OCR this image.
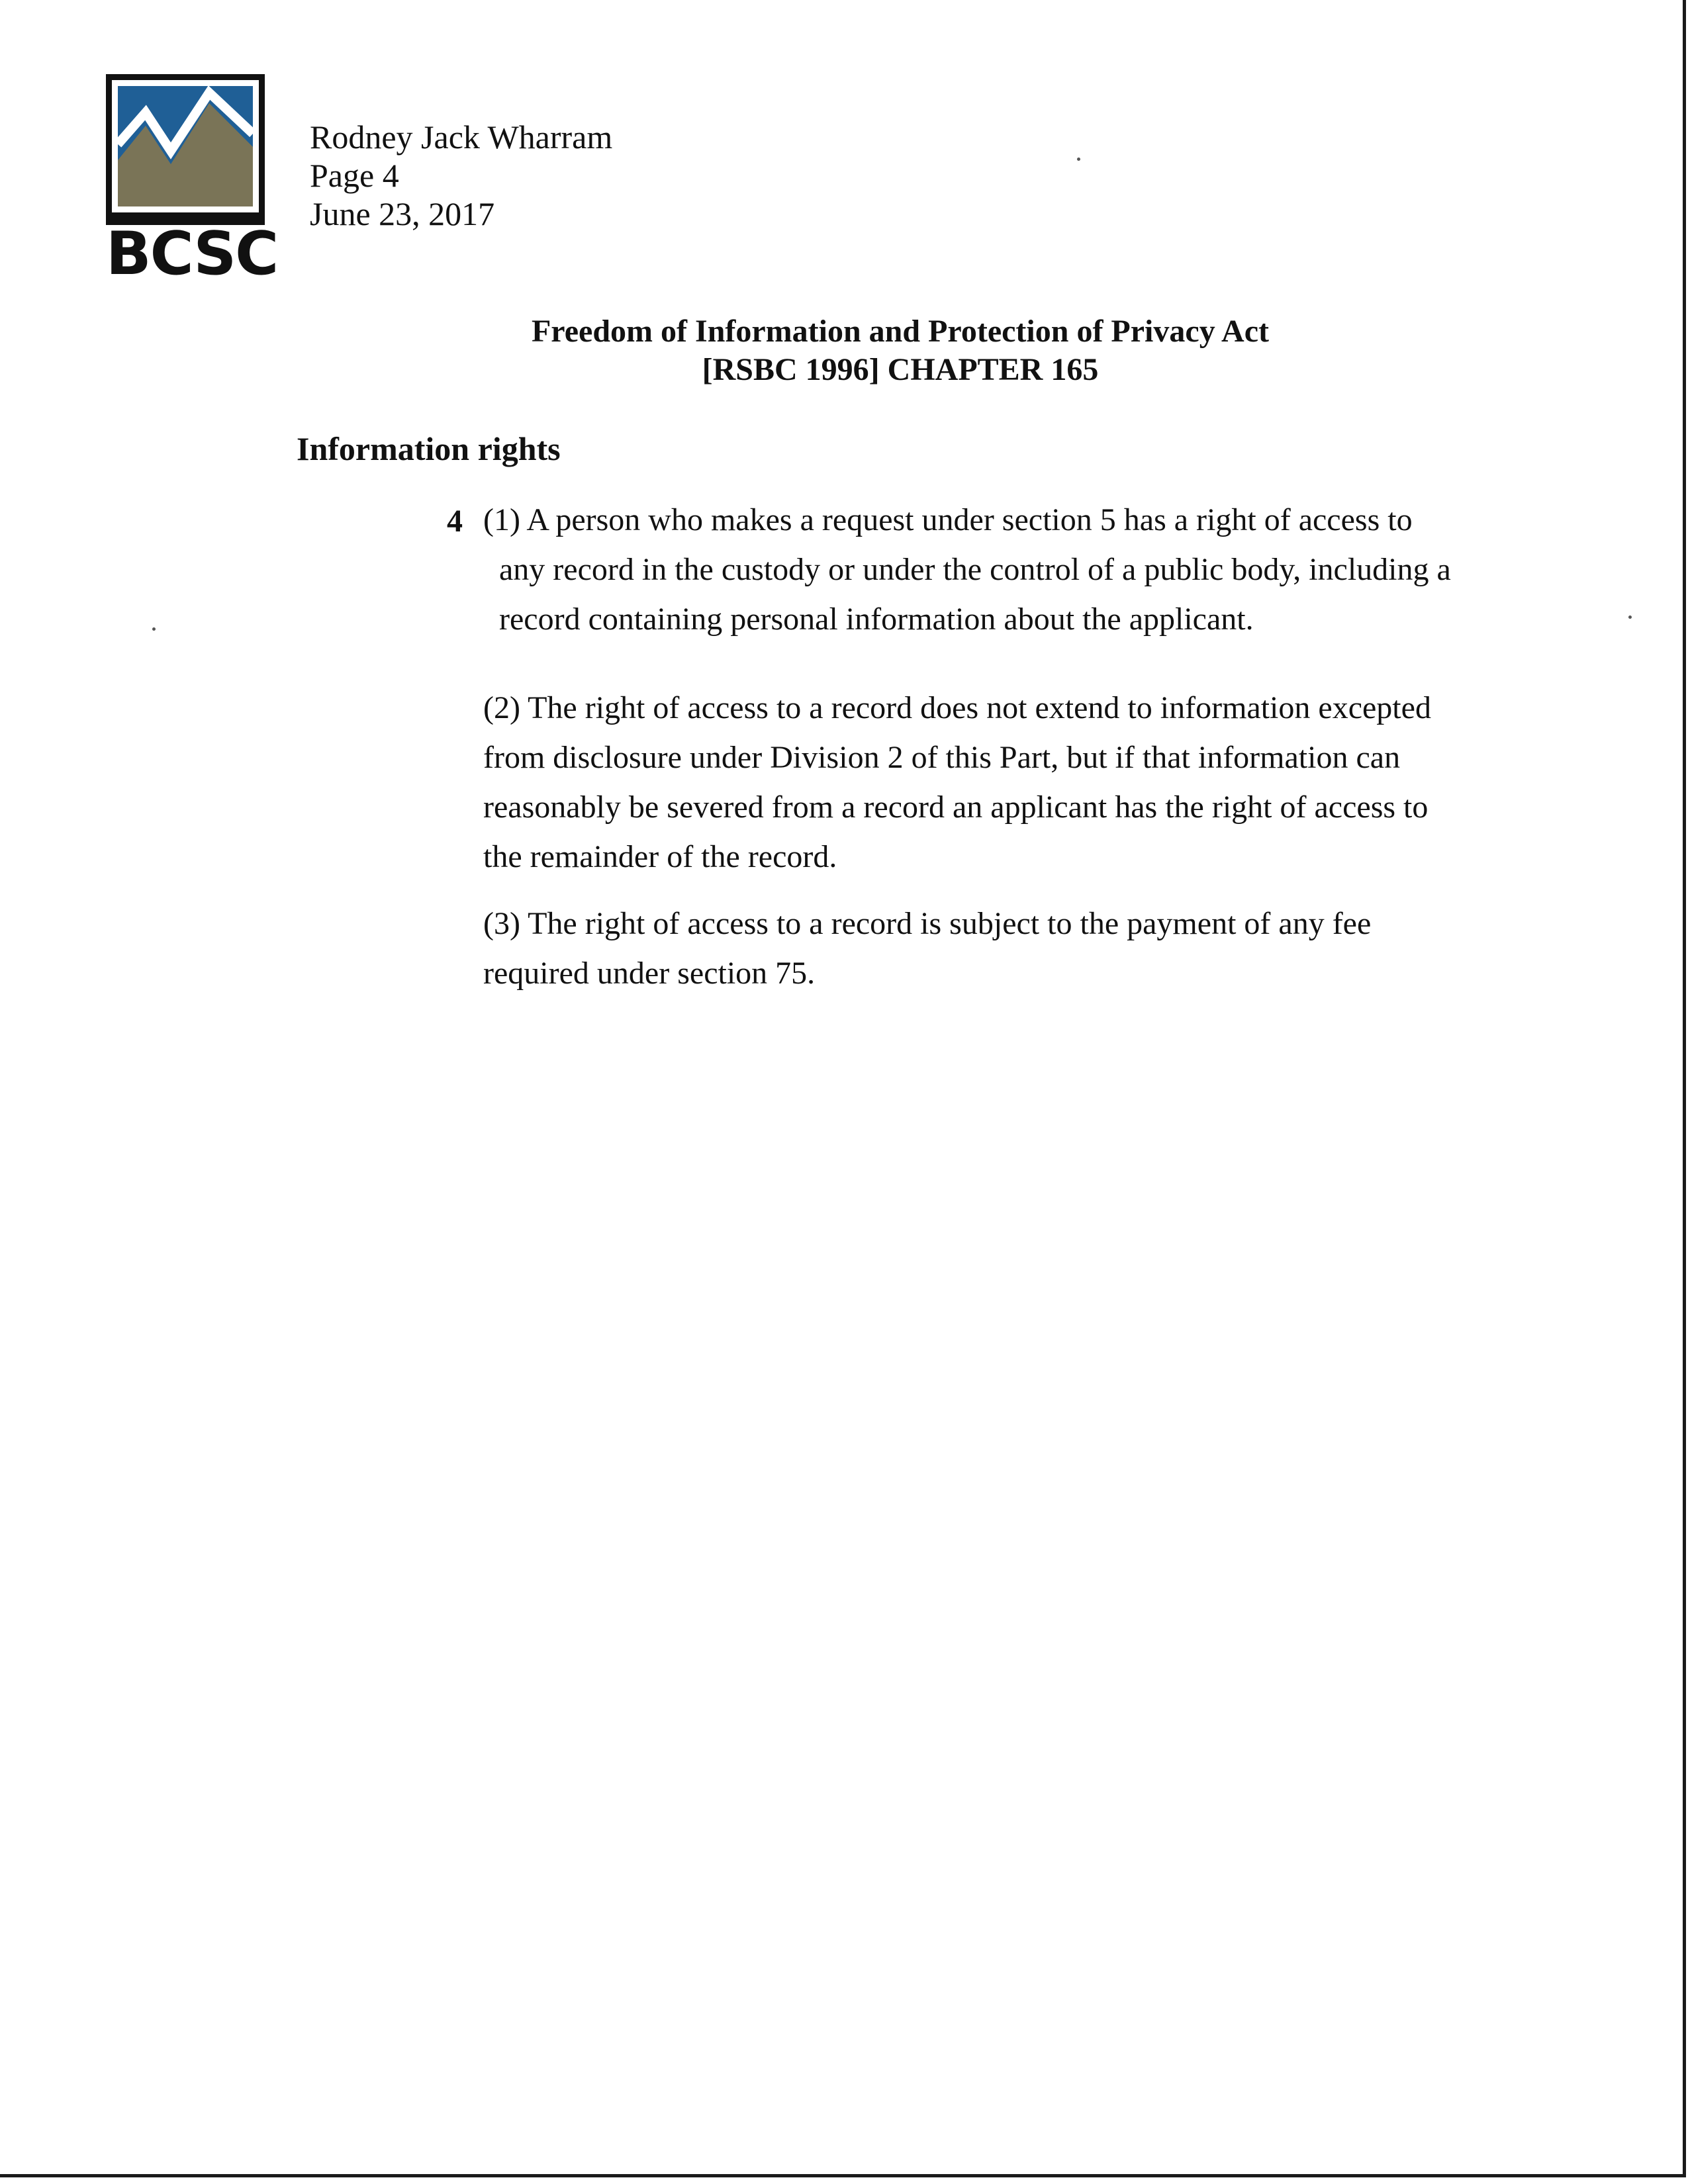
BCSC
Rodney Jack Wharram
Page 4
June 23, 2017
Freedom of Information and Protection of Privacy Act
[RSBC 1996] CHAPTER 165
Information rights
4 (1) A person who makes a request under section 5 has a right of access to
any record in the custody or under the control of a public body, including a
record containing personal information about the applicant.
(2) The right of access to a record does not extend to information excepted
from disclosure under Division 2 of this Part, but if that information can
reasonably be severed from a record an applicant has the right of access to
the remainder of the record.
(3) The right of access to a record is subject to the payment of any fee
required under section 75.
